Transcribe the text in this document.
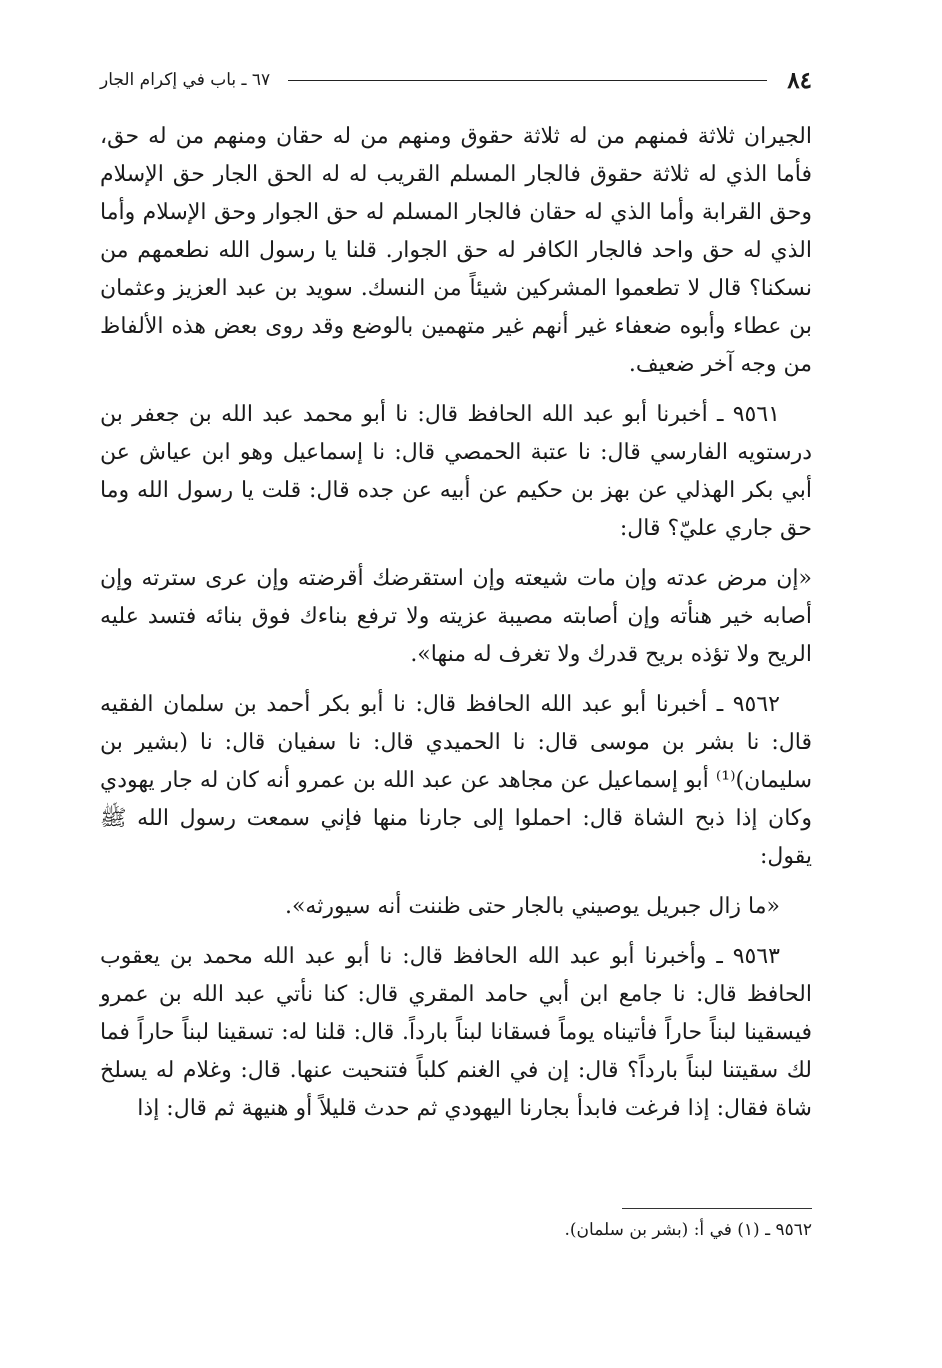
٨٤
٦٧ ـ باب في إكرام الجار

الجيران ثلاثة فمنهم من له ثلاثة حقوق ومنهم من له حقان ومنهم من له حق، فأما الذي له ثلاثة حقوق فالجار المسلم القريب له له الحق الجار حق الإسلام وحق القرابة وأما الذي له حقان فالجار المسلم له حق الجوار وحق الإسلام وأما الذي له حق واحد فالجار الكافر له حق الجوار. قلنا يا رسول الله نطعمهم من نسكنا؟ قال لا تطعموا المشركين شيئاً من النسك. سويد بن عبد العزيز وعثمان بن عطاء وأبوه ضعفاء غير أنهم غير متهمين بالوضع وقد روى بعض هذه الألفاظ من وجه آخر ضعيف.

٩٥٦١ ـ أخبرنا أبو عبد الله الحافظ قال: نا أبو محمد عبد الله بن جعفر بن درستويه الفارسي قال: نا عتبة الحمصي قال: نا إسماعيل وهو ابن عياش عن أبي بكر الهذلي عن بهز بن حكيم عن أبيه عن جده قال: قلت يا رسول الله وما حق جاري عليّ؟ قال:

«إن مرض عدته وإن مات شيعته وإن استقرضك أقرضته وإن عرى سترته وإن أصابه خير هنأته وإن أصابته مصيبة عزيته ولا ترفع بناءك فوق بنائه فتسد عليه الريح ولا تؤذه بريح قدرك ولا تغرف له منها».

٩٥٦٢ ـ أخبرنا أبو عبد الله الحافظ قال: نا أبو بكر أحمد بن سلمان الفقيه قال: نا بشر بن موسى قال: نا الحميدي قال: نا سفيان قال: نا (بشير بن سليمان)⁽¹⁾ أبو إسماعيل عن مجاهد عن عبد الله بن عمرو أنه كان له جار يهودي وكان إذا ذبح الشاة قال: احملوا إلى جارنا منها فإني سمعت رسول الله ﷺ يقول:

«ما زال جبريل يوصيني بالجار حتى ظننت أنه سيورثه».

٩٥٦٣ ـ وأخبرنا أبو عبد الله الحافظ قال: نا أبو عبد الله محمد بن يعقوب الحافظ قال: نا جامع ابن أبي حامد المقري قال: كنا نأتي عبد الله بن عمرو فيسقينا لبناً حاراً فأتيناه يوماً فسقانا لبناً بارداً. قال: قلنا له: تسقينا لبناً حاراً فما لك سقيتنا لبناً بارداً؟ قال: إن في الغنم كلباً فتنحيت عنها. قال: وغلام له يسلخ شاة فقال: إذا فرغت فابدأ بجارنا اليهودي ثم حدث قليلاً أو هنيهة ثم قال: إذا

٩٥٦٢ ـ (١) في أ: (بشر بن سلمان).
